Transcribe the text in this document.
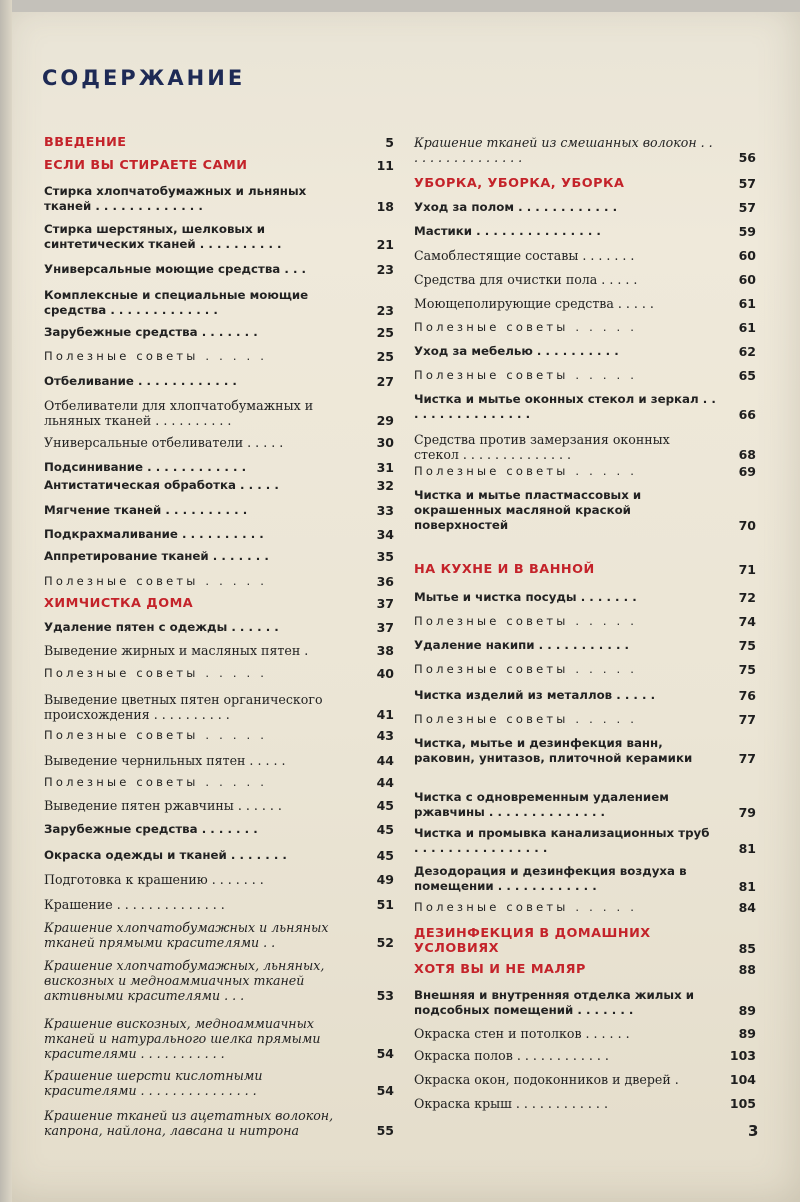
СОДЕРЖАНИЕ
ВВЕДЕНИЕ	5
ЕСЛИ ВЫ СТИРАЕТЕ САМИ	11
Стирка хлопчатобумажных и льняных тканей . . . . . . . . . . . . .	18
Стирка шерстяных, шелковых и синтетических тканей . . . . . . . . . .	21
Универсальные моющие средства . . .	23
Комплексные и специальные моющие средства . . . . . . . . . . . . .	23
Зарубежные средства . . . . . . .	25
Полезные советы . . . . .	25
Отбеливание . . . . . . . . . . . .	27
Отбеливатели для хлопчатобумажных и льняных тканей . . . . . . . . . .	29
Универсальные отбеливатели . . . . .	30
Подсинивание . . . . . . . . . . . .	31
Антистатическая обработка . . . . .	32
Мягчение тканей . . . . . . . . . .	33
Подкрахмаливание . . . . . . . . . .	34
Аппретирование тканей . . . . . . .	35
Полезные советы . . . . .	36
ХИМЧИСТКА ДОМА	37
Удаление пятен с одежды . . . . . .	37
Выведение жирных и масляных пятен .	38
Полезные советы . . . . .	40
Выведение цветных пятен органического происхождения . . . . . . . . . .	41
Полезные советы . . . . .	43
Выведение чернильных пятен . . . . .	44
Полезные советы . . . . .	44
Выведение пятен ржавчины . . . . . .	45
Зарубежные средства . . . . . . .	45
Окраска одежды и тканей . . . . . . .	45
Подготовка к крашению . . . . . . .	49
Крашение . . . . . . . . . . . . . .	51
Крашение хлопчатобумажных и льняных тканей прямыми красителями . .	52
Крашение хлопчатобумажных, льняных, вискозных и медноаммиачных тканей активными красителями . . .	53
Крашение вискозных, медноаммиачных тканей и натурального шелка прямыми красителями . . . . . . . . . . .	54
Крашение шерсти кислотными красителями . . . . . . . . . . . . . . .	54
Крашение тканей из ацетатных волокон, капрона, найлона, лавсана и нитрона	55
Крашение тканей из смешанных волокон . . . . . . . . . . . . . . . .	56
УБОРКА, УБОРКА, УБОРКА	57
Уход за полом . . . . . . . . . . . .	57
Мастики . . . . . . . . . . . . . . .	59
Самоблестящие составы . . . . . . .	60
Средства для очистки пола . . . . .	60
Моющеполирующие средства . . . . .	61
Полезные советы . . . . .	61
Уход за мебелью . . . . . . . . . .	62
Полезные советы . . . . .	65
Чистка и мытье оконных стекол и зеркал . . . . . . . . . . . . . . . .	66
Средства против замерзания оконных стекол . . . . . . . . . . . . . .	68
Полезные советы . . . . .	69
Чистка и мытье пластмассовых и окрашенных масляной краской поверхностей	70
НА КУХНЕ И В ВАННОЙ	71
Мытье и чистка посуды . . . . . . .	72
Полезные советы . . . . .	74
Удаление накипи . . . . . . . . . . .	75
Полезные советы . . . . .	75
Чистка изделий из металлов . . . . .	76
Полезные советы . . . . .	77
Чистка, мытье и дезинфекция ванн, раковин, унитазов, плиточной керамики	77
Чистка с одновременным удалением ржавчины . . . . . . . . . . . . . .	79
Чистка и промывка канализационных труб . . . . . . . . . . . . . . . .	81
Дезодорация и дезинфекция воздуха в помещении . . . . . . . . . . . .	81
Полезные советы . . . . .	84
ДЕЗИНФЕКЦИЯ В ДОМАШНИХ УСЛОВИЯХ	85
ХОТЯ ВЫ И НЕ МАЛЯР	88
Внешняя и внутренняя отделка жилых и подсобных помещений . . . . . . .	89
Окраска стен и потолков . . . . . .	89
Окраска полов . . . . . . . . . . . .	103
Окраска окон, подоконников и дверей .	104
Окраска крыш . . . . . . . . . . . .	105
3
